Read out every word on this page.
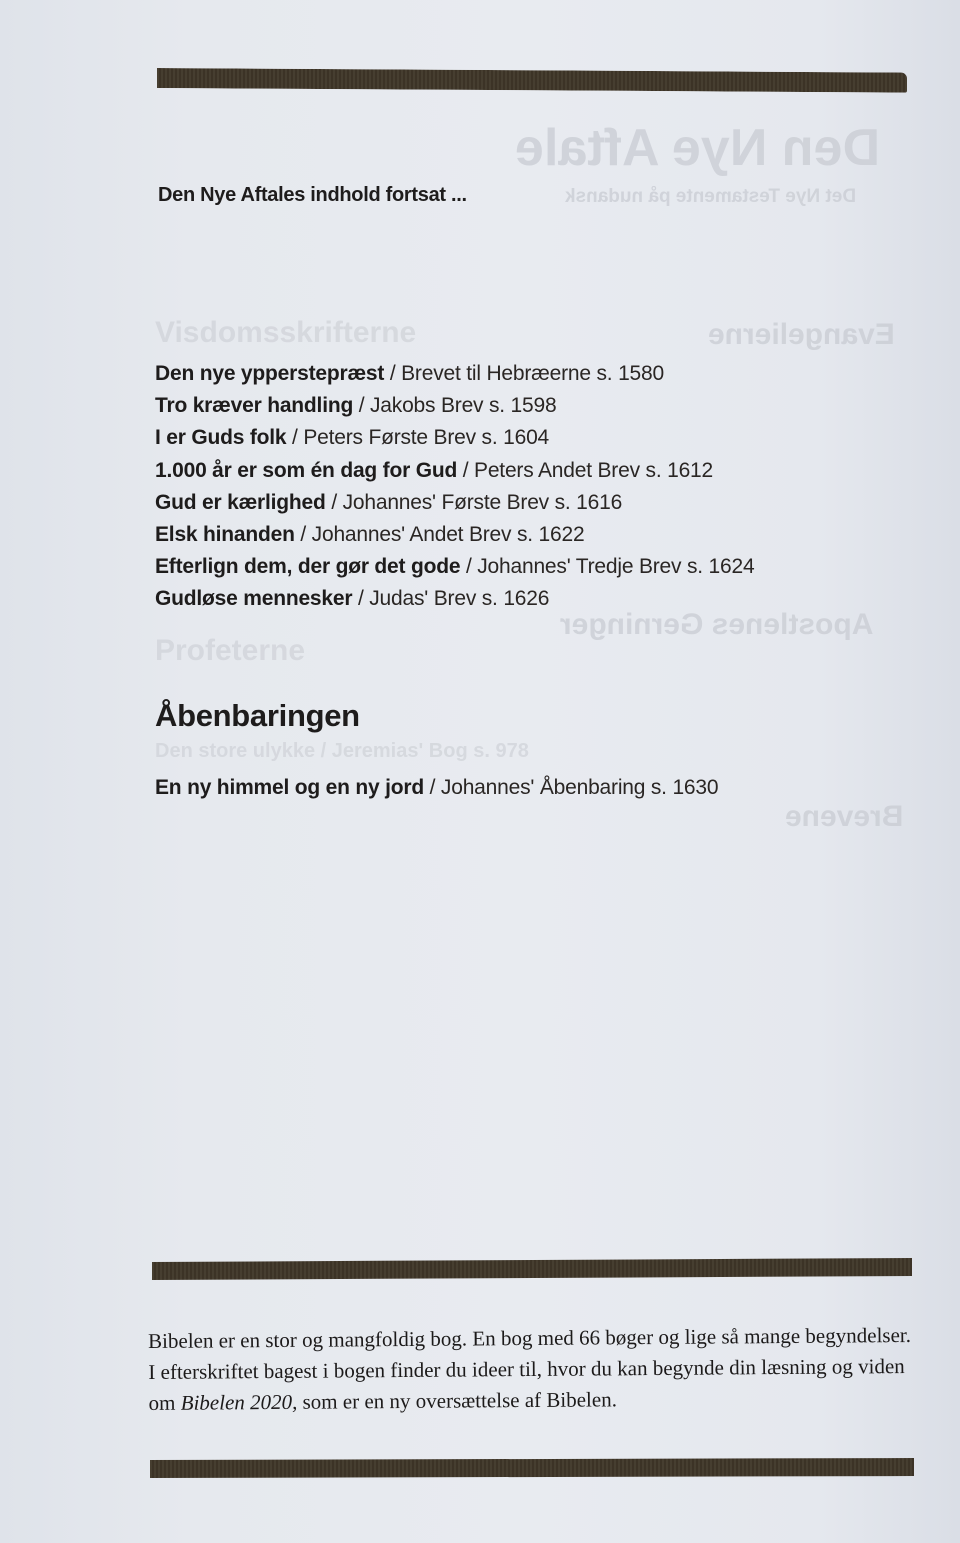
Den Nye Aftale
Det Nye Testamente på nudansk
Evangelierne
Apostlenes Gerninger
Brevene
Visdomsskrifterne
Profeterne
Den store ulykke / Jeremias' Bog s. 978
Den Nye Aftales indhold fortsat ...
Den nye ypperstepræst / Brevet til Hebræerne s. 1580
Tro kræver handling / Jakobs Brev s. 1598
I er Guds folk / Peters Første Brev s. 1604
1.000 år er som én dag for Gud / Peters Andet Brev s. 1612
Gud er kærlighed / Johannes' Første Brev s. 1616
Elsk hinanden / Johannes' Andet Brev s. 1622
Efterlign dem, der gør det gode / Johannes' Tredje Brev s. 1624
Gudløse mennesker / Judas' Brev s. 1626
Åbenbaringen
En ny himmel og en ny jord / Johannes' Åbenbaring s. 1630

Bibelen er en stor og mangfoldig bog. En bog med 66 bøger og lige så mange begyndelser. I efterskriftet bagest i bogen finder du ideer til, hvor du kan begynde din læsning og viden om Bibelen 2020, som er en ny oversættelse af Bibelen.
